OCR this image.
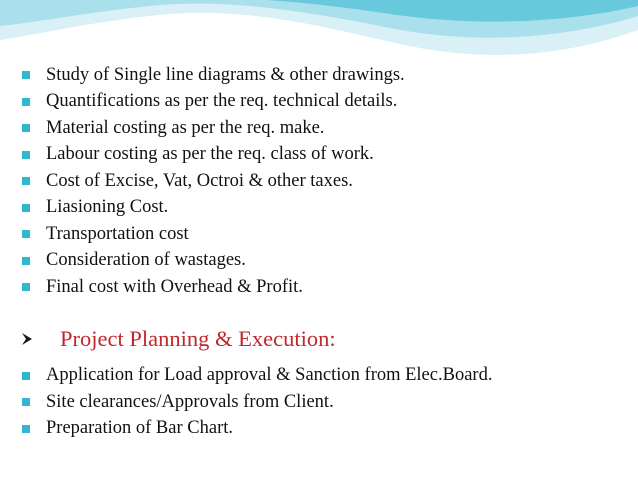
Study of Single line diagrams & other drawings.
Quantifications as per the req. technical details.
Material costing as per the req. make.
Labour costing as per the req. class of work.
Cost of Excise, Vat, Octroi & other taxes.
Liasioning Cost.
Transportation cost
Consideration of wastages.
Final cost with Overhead & Profit.
Project Planning & Execution:
Application for Load approval & Sanction from Elec.Board.
Site clearances/Approvals from Client.
Preparation of Bar Chart.
